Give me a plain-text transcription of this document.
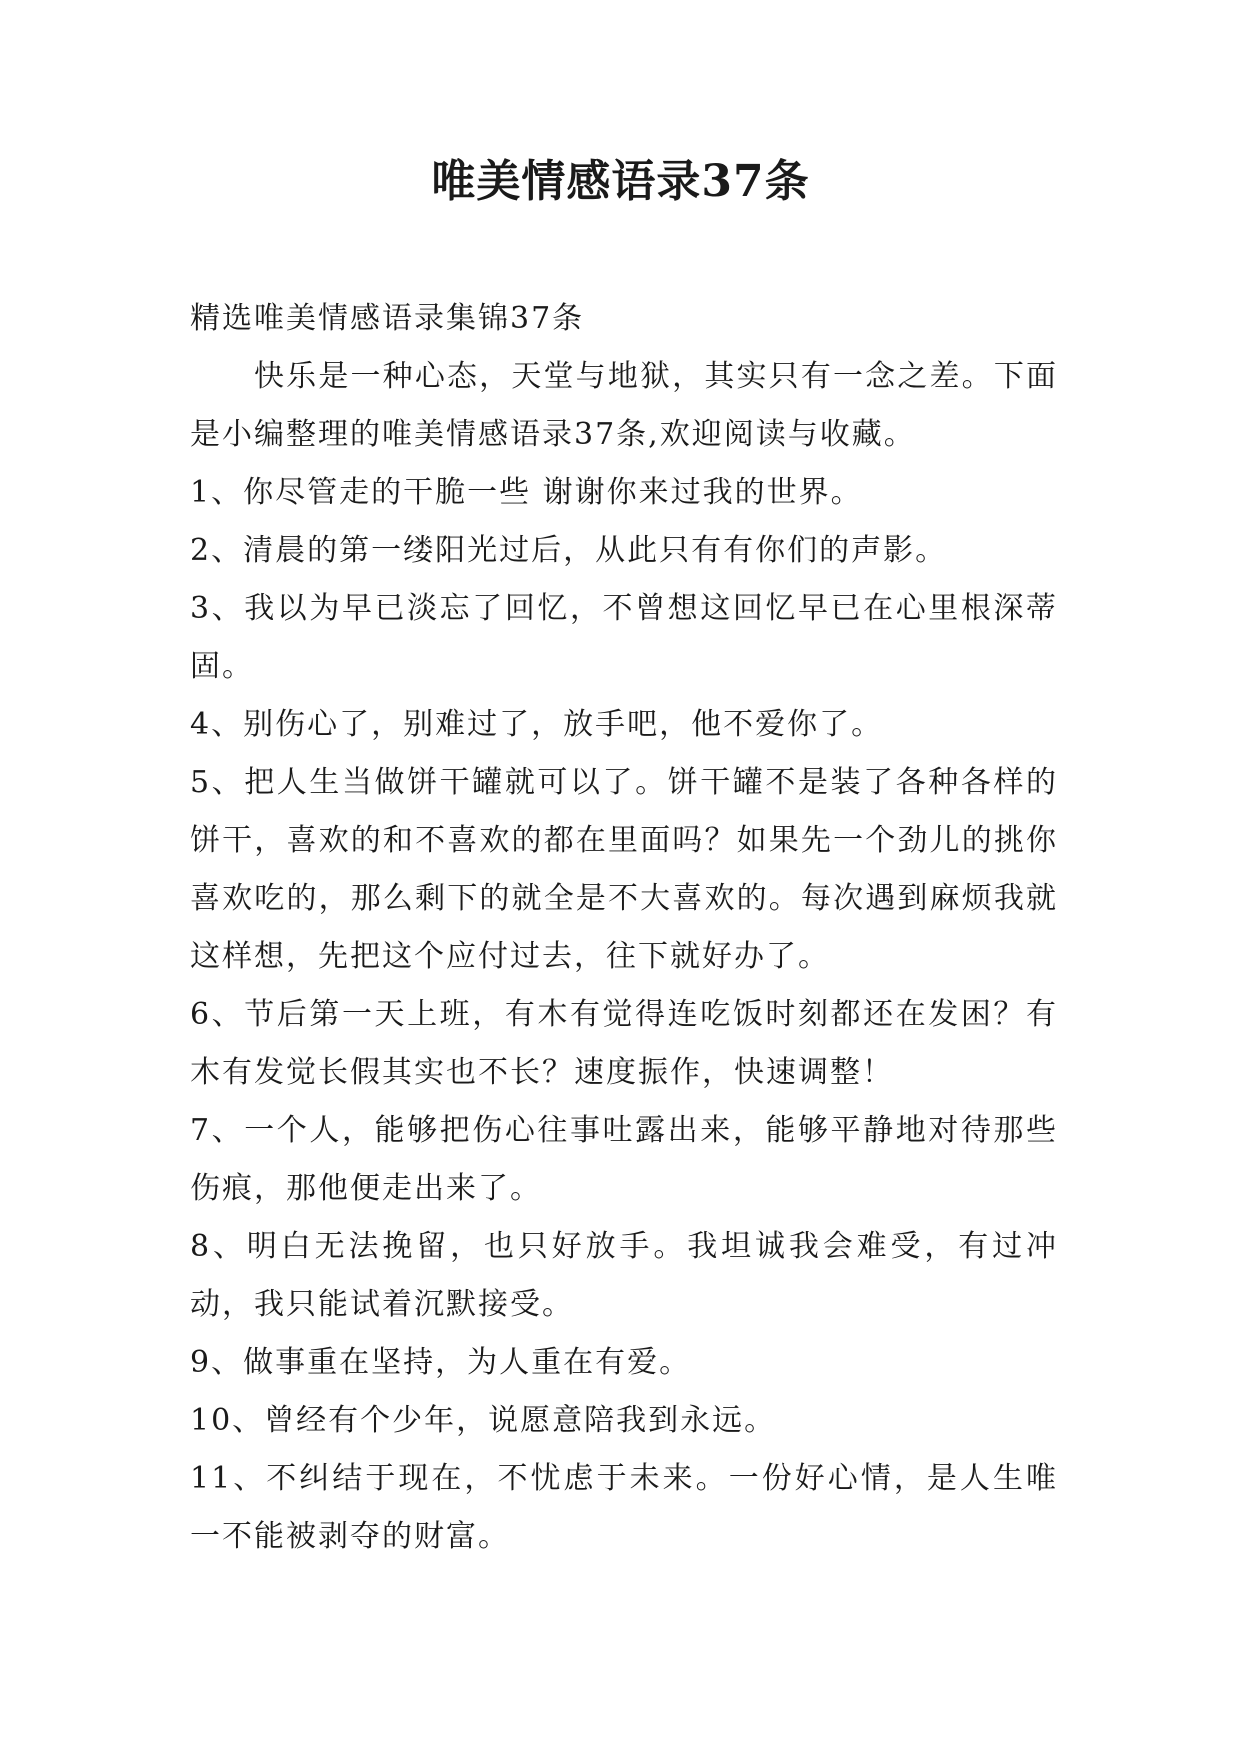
唯美情感语录37条

精选唯美情感语录集锦37条

快乐是一种心态，天堂与地狱，其实只有一念之差。下面是小编整理的唯美情感语录37条,欢迎阅读与收藏。

1、你尽管走的干脆一些 谢谢你来过我的世界。

2、清晨的第一缕阳光过后，从此只有有你们的声影。

3、我以为早已淡忘了回忆，不曾想这回忆早已在心里根深蒂固。

4、别伤心了，别难过了，放手吧，他不爱你了。

5、把人生当做饼干罐就可以了。饼干罐不是装了各种各样的饼干，喜欢的和不喜欢的都在里面吗？如果先一个劲儿的挑你喜欢吃的，那么剩下的就全是不大喜欢的。每次遇到麻烦我就这样想，先把这个应付过去，往下就好办了。

6、节后第一天上班，有木有觉得连吃饭时刻都还在发困？有木有发觉长假其实也不长？速度振作，快速调整！

7、一个人，能够把伤心往事吐露出来，能够平静地对待那些伤痕，那他便走出来了。

8、明白无法挽留，也只好放手。我坦诚我会难受，有过冲动，我只能试着沉默接受。

9、做事重在坚持，为人重在有爱。

10、曾经有个少年，说愿意陪我到永远。

11、不纠结于现在，不忧虑于未来。一份好心情，是人生唯一不能被剥夺的财富。
